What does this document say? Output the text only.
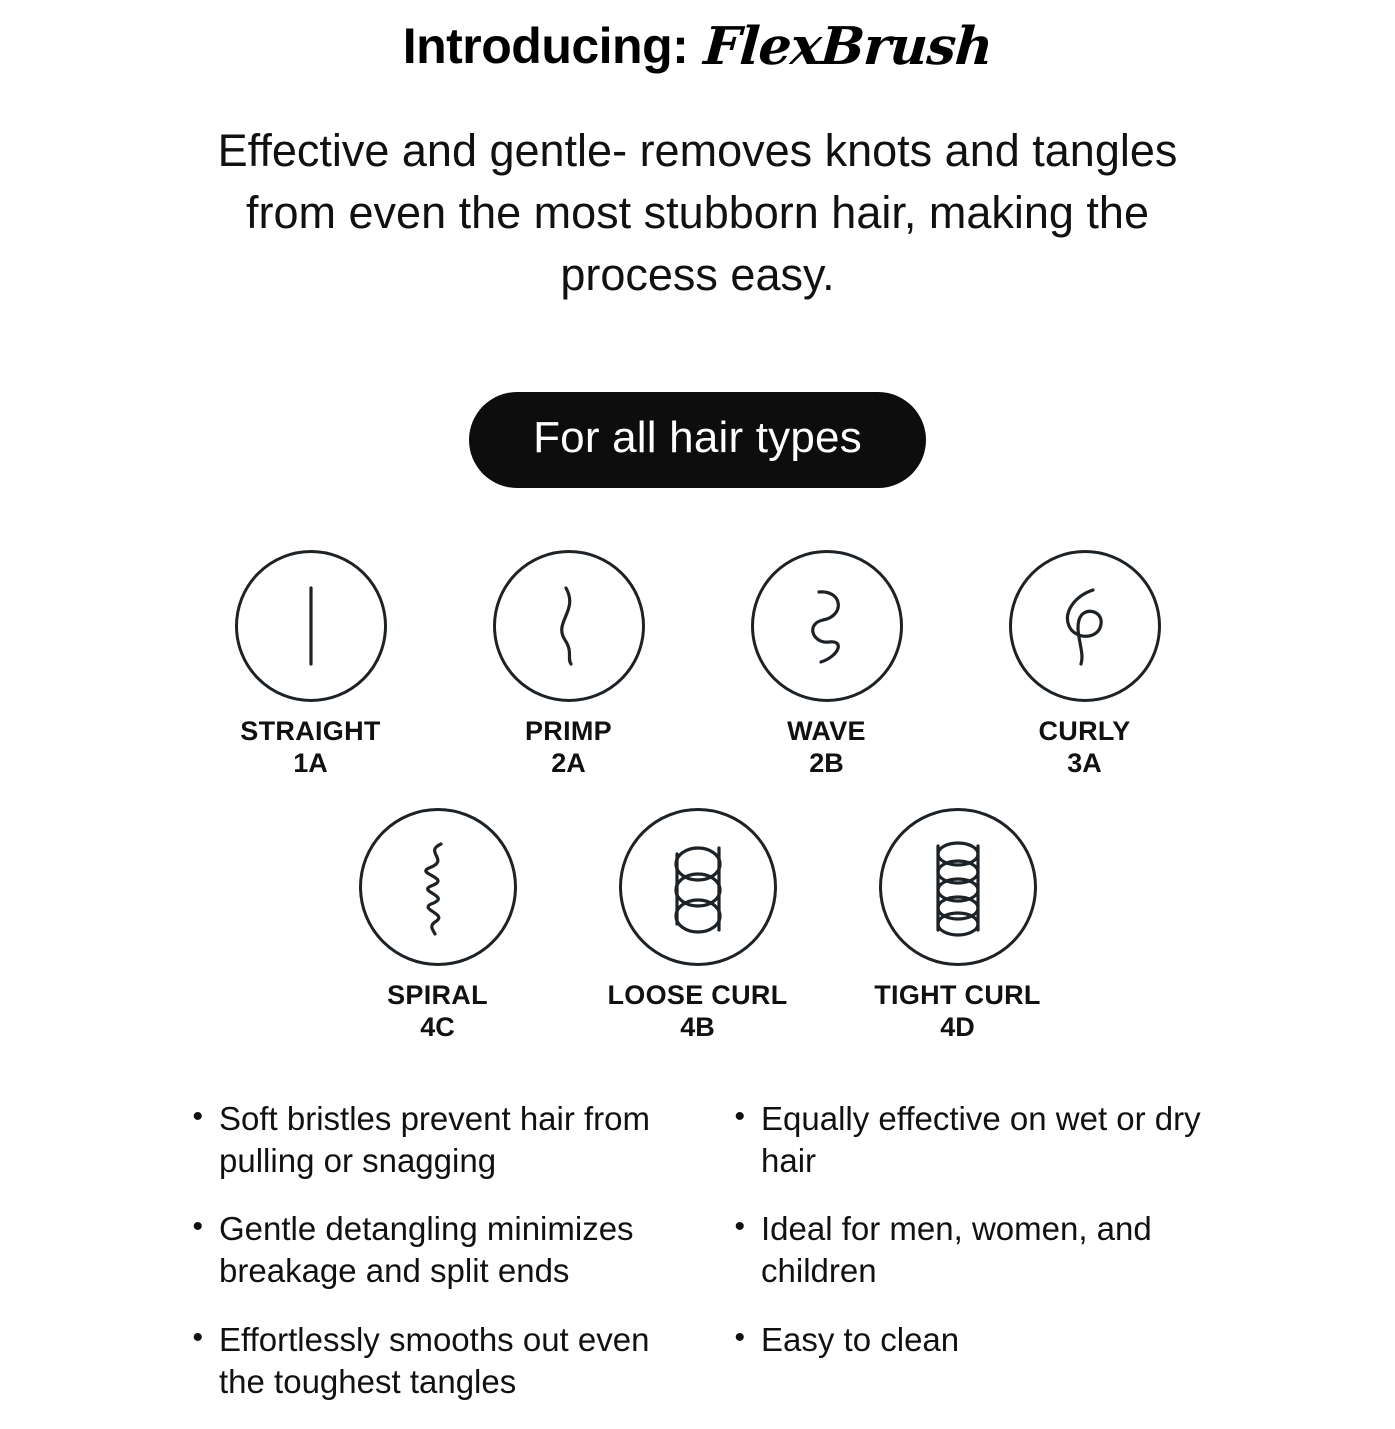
Introducing: FlexBrush
Effective and gentle- removes knots and tangles from even the most stubborn hair, making the process easy.
For all hair types
STRAIGHT
1A
PRIMP
2A
WAVE
2B
CURLY
3A
SPIRAL
4C
LOOSE CURL
4B
TIGHT CURL
4D
• Soft bristles prevent hair from pulling or snagging
• Gentle detangling minimizes breakage and split ends
• Effortlessly smooths out even the toughest tangles
• Equally effective on wet or dry hair
• Ideal for men, women, and children
• Easy to clean
